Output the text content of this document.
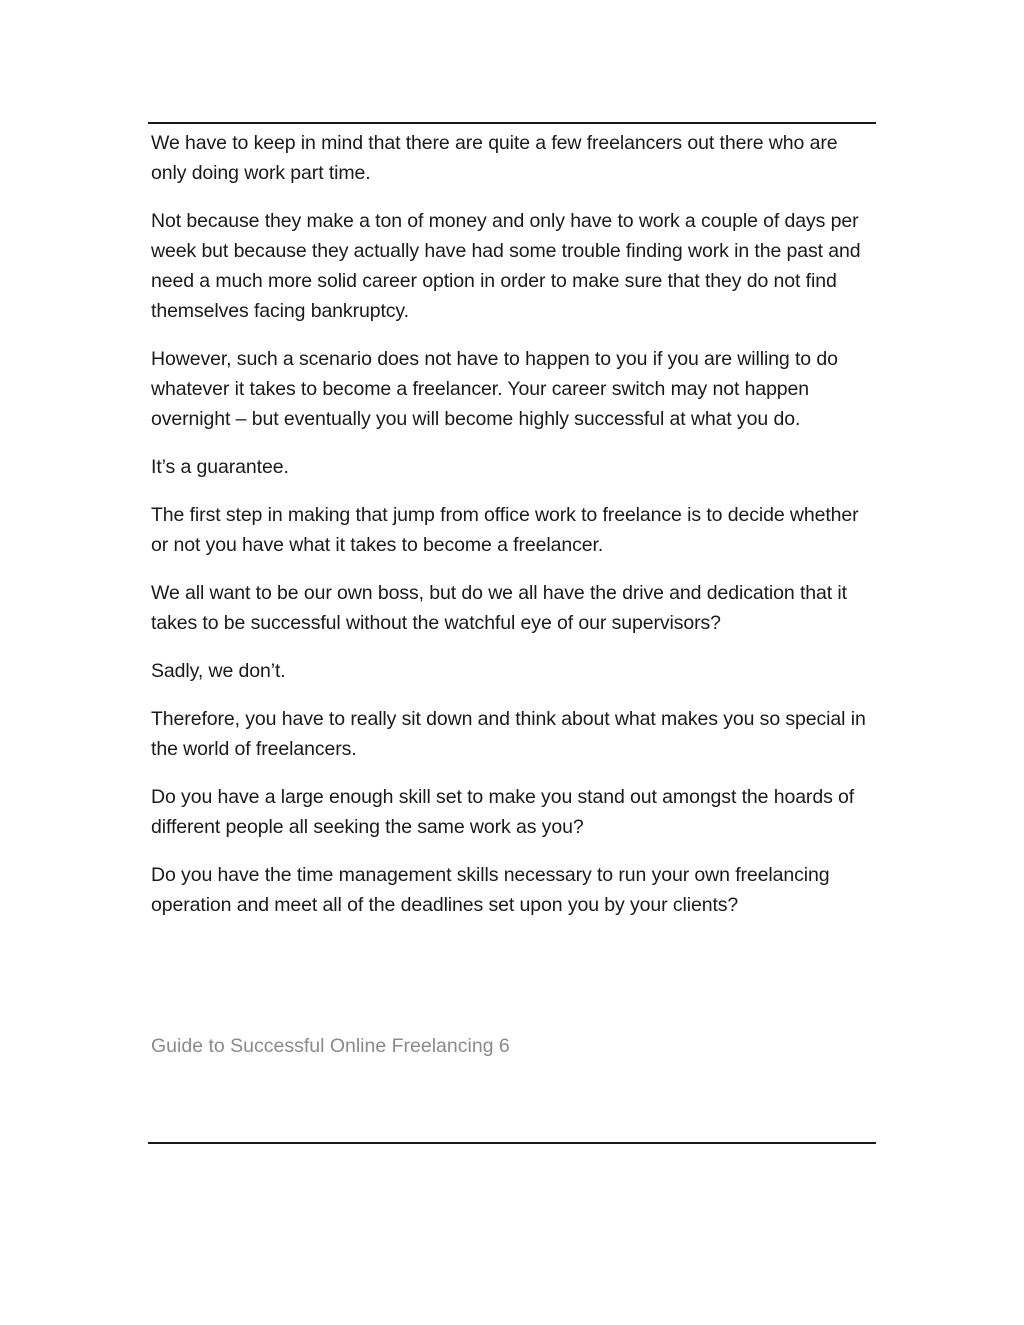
We have to keep in mind that there are quite a few freelancers out there who are only doing work part time.

Not because they make a ton of money and only have to work a couple of days per week but because they actually have had some trouble finding work in the past and need a much more solid career option in order to make sure that they do not find themselves facing bankruptcy.

However, such a scenario does not have to happen to you if you are willing to do whatever it takes to become a freelancer. Your career switch may not happen overnight – but eventually you will become highly successful at what you do.

It’s a guarantee.

The first step in making that jump from office work to freelance is to decide whether or not you have what it takes to become a freelancer.

We all want to be our own boss, but do we all have the drive and dedication that it takes to be successful without the watchful eye of our supervisors?

Sadly, we don’t.

Therefore, you have to really sit down and think about what makes you so special in the world of freelancers.

Do you have a large enough skill set to make you stand out amongst the hoards of different people all seeking the same work as you?

Do you have the time management skills necessary to run your own freelancing operation and meet all of the deadlines set upon you by your clients?

Guide to Successful Online Freelancing 6
